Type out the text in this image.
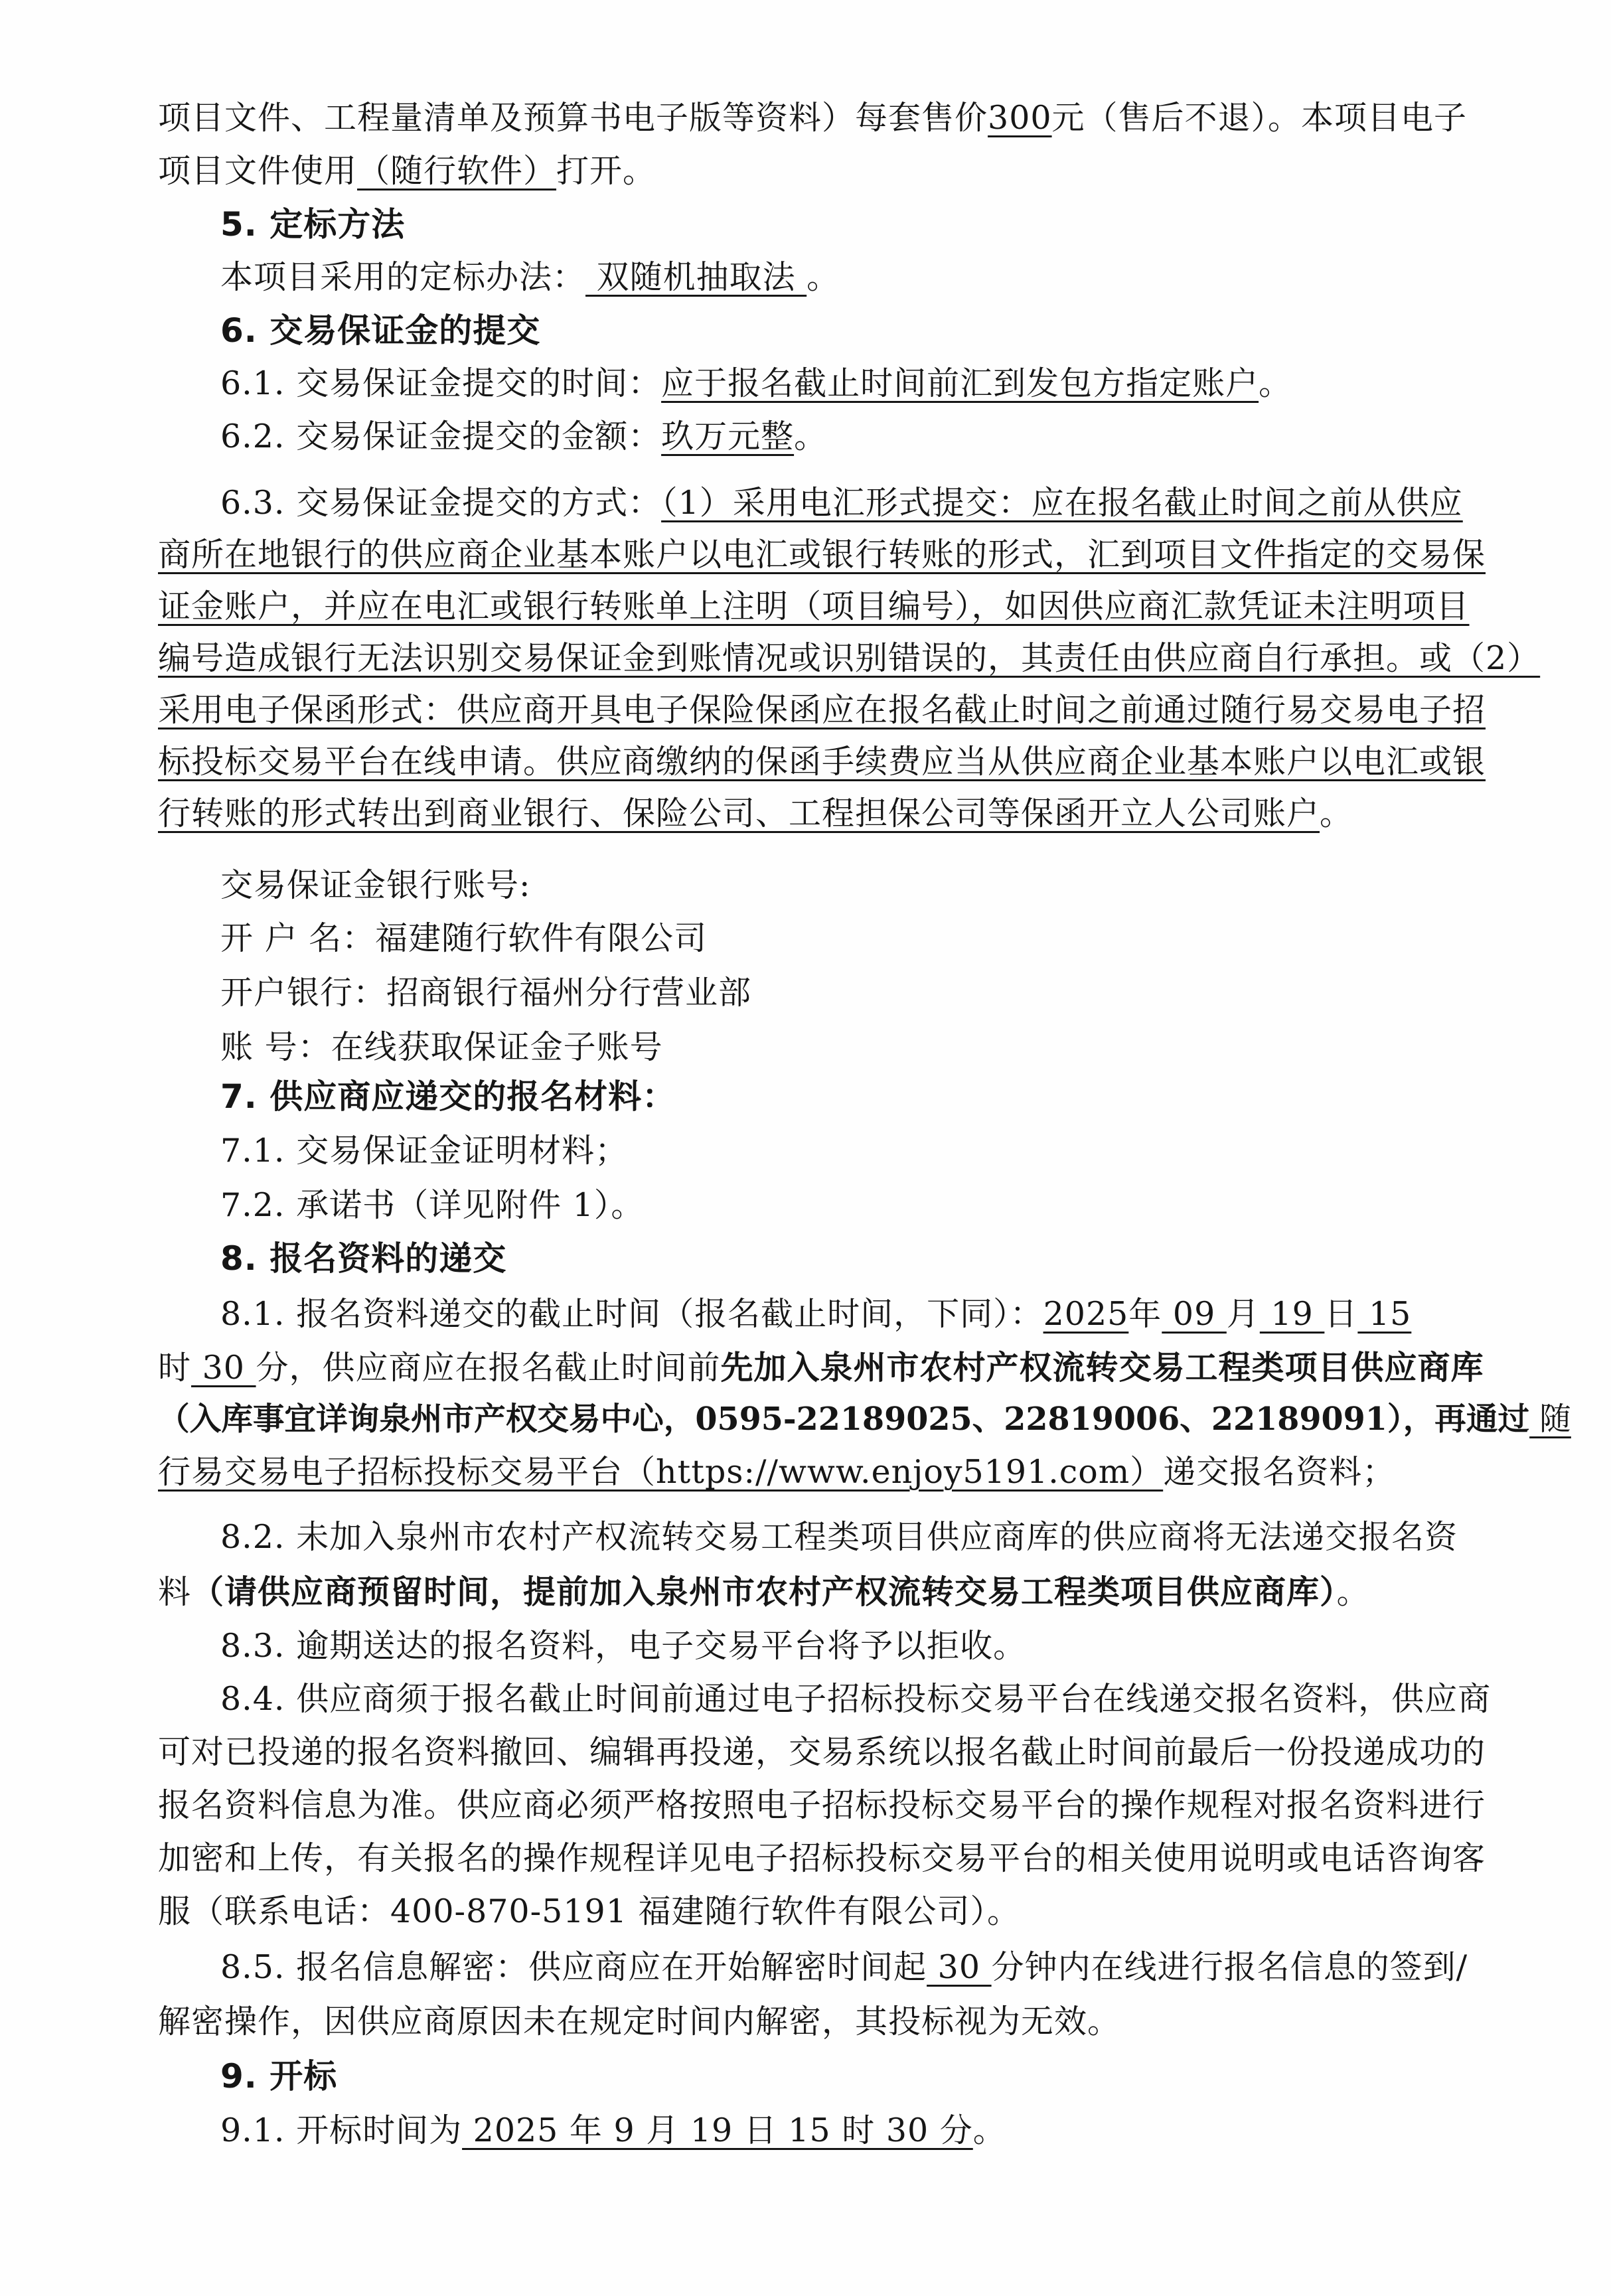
项目文件、工程量清单及预算书电子版等资料）每套售价300元（售后不退）。本项目电子
项目文件使用（随行软件）打开。
5. 定标方法
本项目采用的定标办法： 双随机抽取法 。
6. 交易保证金的提交
6.1. 交易保证金提交的时间：应于报名截止时间前汇到发包方指定账户。
6.2. 交易保证金提交的金额：玖万元整。
6.3. 交易保证金提交的方式：（1）采用电汇形式提交：应在报名截止时间之前从供应
商所在地银行的供应商企业基本账户以电汇或银行转账的形式，汇到项目文件指定的交易保
证金账户，并应在电汇或银行转账单上注明（项目编号），如因供应商汇款凭证未注明项目
编号造成银行无法识别交易保证金到账情况或识别错误的，其责任由供应商自行承担。或（2）
采用电子保函形式：供应商开具电子保险保函应在报名截止时间之前通过随行易交易电子招
标投标交易平台在线申请。供应商缴纳的保函手续费应当从供应商企业基本账户以电汇或银
行转账的形式转出到商业银行、保险公司、工程担保公司等保函开立人公司账户。
交易保证金银行账号:
开 户 名：福建随行软件有限公司
开户银行：招商银行福州分行营业部
账 号：在线获取保证金子账号
7. 供应商应递交的报名材料：
7.1. 交易保证金证明材料；
7.2. 承诺书（详见附件 1）。
8. 报名资料的递交
8.1. 报名资料递交的截止时间（报名截止时间，下同）：2025年 09 月 19 日 15
时 30 分，供应商应在报名截止时间前先加入泉州市农村产权流转交易工程类项目供应商库
（入库事宜详询泉州市产权交易中心，0595-22189025、22819006、22189091），再通过 随
行易交易电子招标投标交易平台（https://www.enjoy5191.com）递交报名资料；
8.2. 未加入泉州市农村产权流转交易工程类项目供应商库的供应商将无法递交报名资
料（请供应商预留时间，提前加入泉州市农村产权流转交易工程类项目供应商库）。
8.3. 逾期送达的报名资料，电子交易平台将予以拒收。
8.4. 供应商须于报名截止时间前通过电子招标投标交易平台在线递交报名资料，供应商
可对已投递的报名资料撤回、编辑再投递，交易系统以报名截止时间前最后一份投递成功的
报名资料信息为准。供应商必须严格按照电子招标投标交易平台的操作规程对报名资料进行
加密和上传，有关报名的操作规程详见电子招标投标交易平台的相关使用说明或电话咨询客
服（联系电话：400-870-5191 福建随行软件有限公司）。
8.5. 报名信息解密：供应商应在开始解密时间起 30 分钟内在线进行报名信息的签到/
解密操作，因供应商原因未在规定时间内解密，其投标视为无效。
9. 开标
9.1. 开标时间为 2025 年 9 月 19 日 15 时 30 分。
